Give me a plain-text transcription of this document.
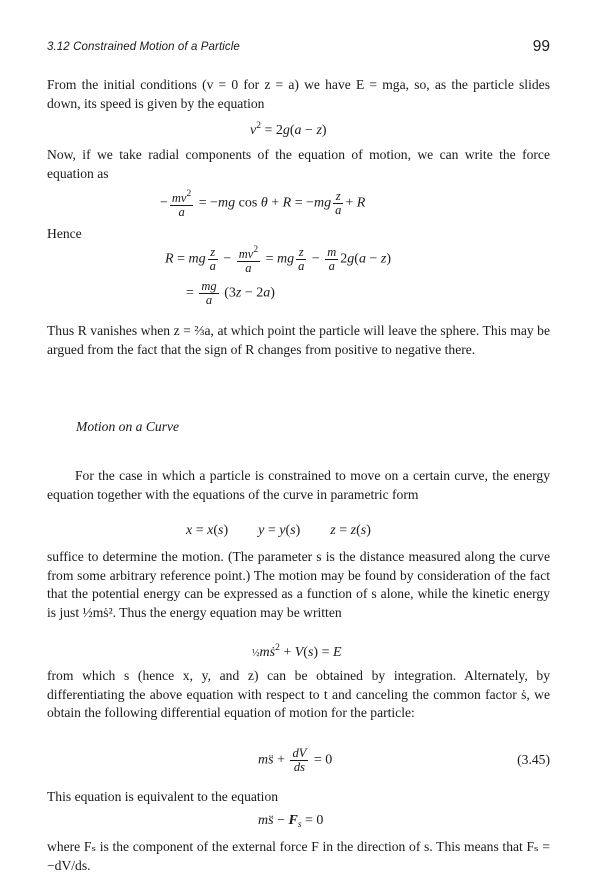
3.12 Constrained Motion of a Particle	99
From the initial conditions (v = 0 for z = a) we have E = mga, so, as the particle slides down, its speed is given by the equation
$v^2 = 2g(a - z)$
Now, if we take radial components of the equation of motion, we can write the force equation as
− $\frac{mv^2}{a} = -mg$ $\cos \theta + R = -mg \frac{z}{a} + R$
Hence
R = mg $\frac{z}{a} - \frac{mv^2}{a}$ = mg $\frac{z}{a} - \frac{m}{a} 2g(a - z)$
= $\frac{mg}{a} (3z - 2a)$
Thus R vanishes when z = ⅔a, at which point the particle will leave the sphere. This may be argued from the fact that the sign of R changes from positive to negative there.
Motion on a Curve
For the case in which a particle is constrained to move on a certain curve, the energy equation together with the equations of the curve in parametric form
x = x(s) y = y(s) z = z(s)
suffice to determine the motion. (The parameter s is the distance measured along the curve from some arbitrary reference point.) The motion may be found by consideration of the fact that the potential energy can be expressed as a function of s alone, while the kinetic energy is just ½mṡ². Thus the energy equation may be written
½mṡ$^2$ + V(s) = E
from which s (hence x, y, and z) can be obtained by integration. Alternately, by differentiating the above equation with respect to t and canceling the common factor ṡ, we obtain the following differential equation of motion for the particle:
ms̈ + $\frac{dV}{ds} = 0$	(3.45)
This equation is equivalent to the equation
ms̈ − $F_s = 0$
where Fₛ is the component of the external force F in the direction of s. This means that Fₛ = −dV/ds.
